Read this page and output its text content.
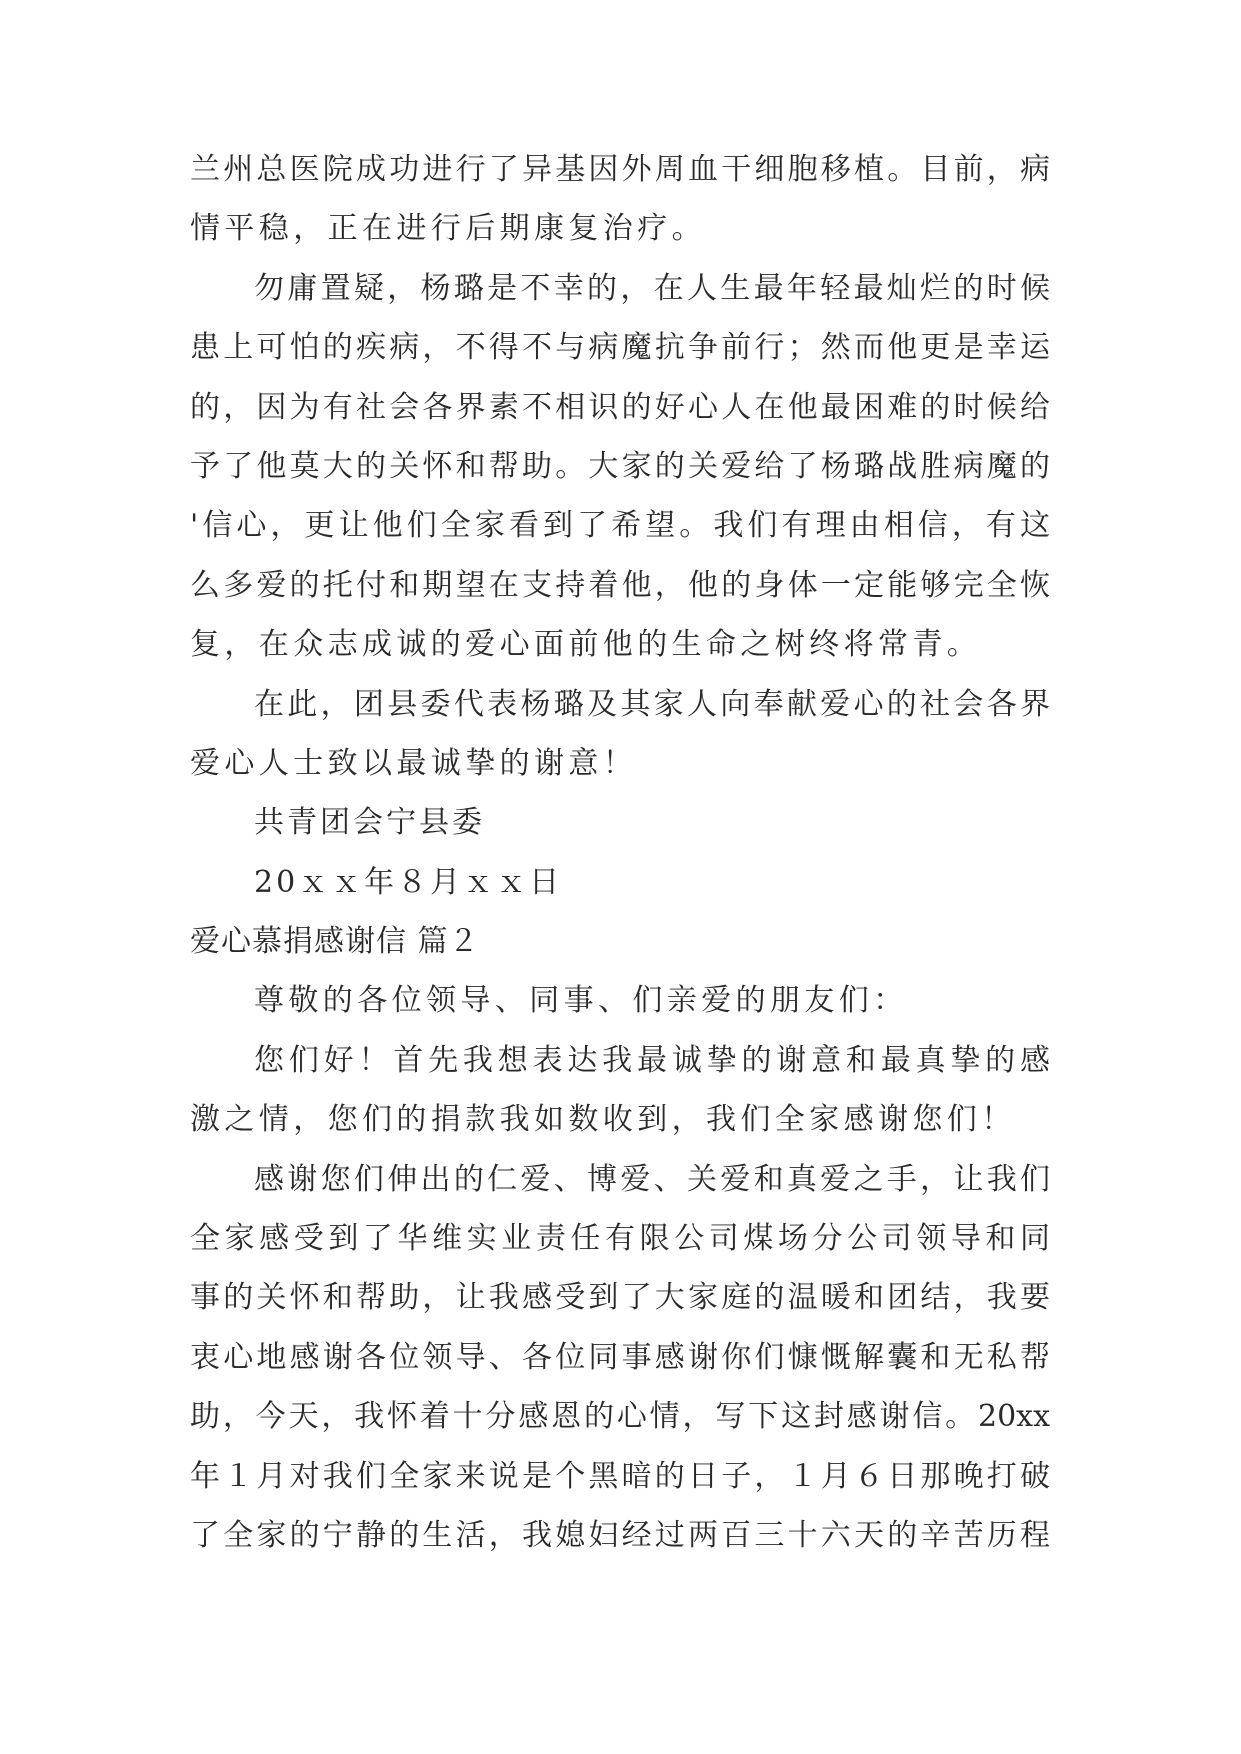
兰州总医院成功进行了异基因外周血干细胞移植。目前，病

情平稳，正在进行后期康复治疗。

勿庸置疑，杨璐是不幸的，在人生最年轻最灿烂的时候

患上可怕的疾病，不得不与病魔抗争前行；然而他更是幸运

的，因为有社会各界素不相识的好心人在他最困难的时候给

予了他莫大的关怀和帮助。大家的关爱给了杨璐战胜病魔的

'信心，更让他们全家看到了希望。我们有理由相信，有这

么多爱的托付和期望在支持着他，他的身体一定能够完全恢

复，在众志成诚的爱心面前他的生命之树终将常青。

在此，团县委代表杨璐及其家人向奉献爱心的社会各界

爱心人士致以最诚挚的谢意！

共青团会宁县委

20ｘｘ年８月ｘｘ日

爱心慕捐感谢信 篇２

尊敬的各位领导、同事、们亲爱的朋友们：

您们好！首先我想表达我最诚挚的谢意和最真挚的感

激之情，您们的捐款我如数收到，我们全家感谢您们！

感谢您们伸出的仁爱、博爱、关爱和真爱之手，让我们

全家感受到了华维实业责任有限公司煤场分公司领导和同

事的关怀和帮助，让我感受到了大家庭的温暖和团结，我要

衷心地感谢各位领导、各位同事感谢你们慷慨解囊和无私帮

助，今天，我怀着十分感恩的心情，写下这封感谢信。20xx

年１月对我们全家来说是个黑暗的日子，１月６日那晚打破

了全家的宁静的生活，我媳妇经过两百三十六天的辛苦历程
